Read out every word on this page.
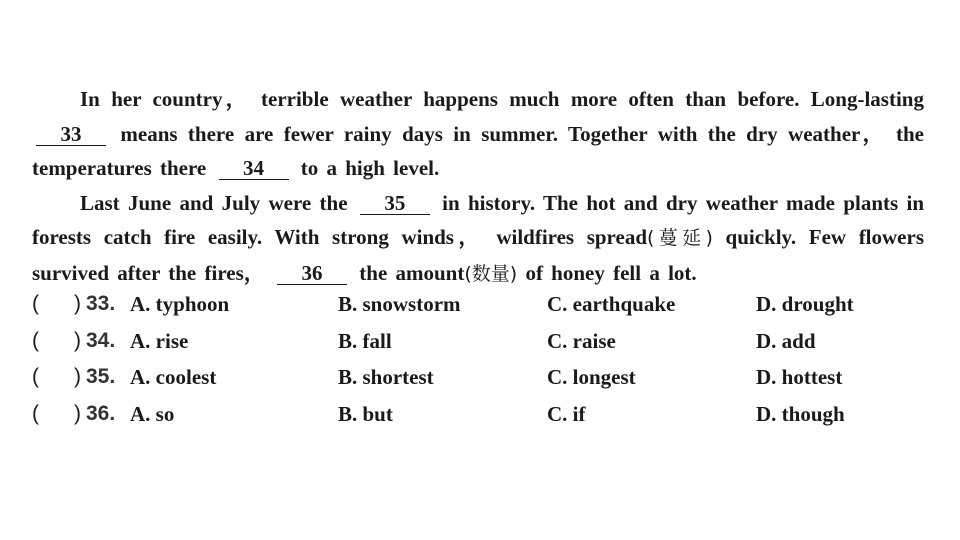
In her country， terrible weather happens much more often than before. Long-lasting 33 means there are fewer rainy days in summer. Together with the dry weather， the temperatures there 34 to a high level.

Last June and July were the 35 in history. The hot and dry weather made plants in forests catch fire easily. With strong winds， wildfires spread(蔓延) quickly. Few flowers survived after the fires， 36 the amount(数量) of honey fell a lot.

( ) 33. A. typhoon	B. snowstorm	C. earthquake	D. drought
( ) 34. A. rise	B. fall	C. raise	D. add
( ) 35. A. coolest	B. shortest	C. longest	D. hottest
( ) 36. A. so	B. but	C. if	D. though
